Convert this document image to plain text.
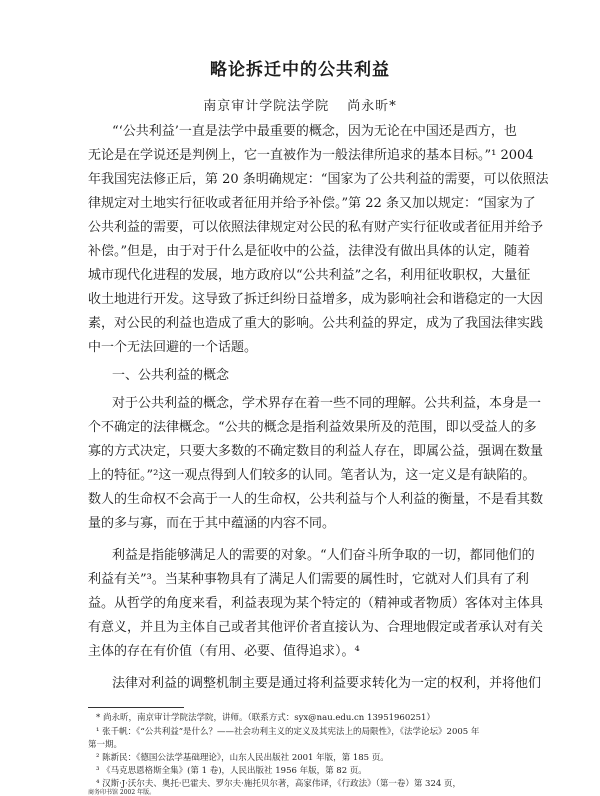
略论拆迁中的公共利益
南京审计学院法学院 尚永昕*
“‘公共利益’一直是法学中最重要的概念，因为无论在中国还是西方，也
无论是在学说还是判例上，它一直被作为一般法律所追求的基本目标。”¹ 2004
年我国宪法修正后，第 20 条明确规定：“国家为了公共利益的需要，可以依照法
律规定对土地实行征收或者征用并给予补偿。”第 22 条又加以规定：“国家为了
公共利益的需要，可以依照法律规定对公民的私有财产实行征收或者征用并给予
补偿。”但是，由于对于什么是征收中的公益，法律没有做出具体的认定，随着
城市现代化进程的发展，地方政府以“公共利益”之名，利用征收职权，大量征
收土地进行开发。这导致了拆迁纠纷日益增多，成为影响社会和谐稳定的一大因
素，对公民的利益也造成了重大的影响。公共利益的界定，成为了我国法律实践
中一个无法回避的一个话题。
一、公共利益的概念
对于公共利益的概念，学术界存在着一些不同的理解。公共利益，本身是一
个不确定的法律概念。“公共的概念是指利益效果所及的范围，即以受益人的多
寡的方式决定，只要大多数的不确定数目的利益人存在，即属公益，强调在数量
上的特征。”²这一观点得到人们较多的认同。笔者认为，这一定义是有缺陷的。
数人的生命权不会高于一人的生命权，公共利益与个人利益的衡量，不是看其数
量的多与寡，而在于其中蕴涵的内容不同。
利益是指能够满足人的需要的对象。“人们奋斗所争取的一切，都同他们的
利益有关”³。当某种事物具有了满足人们需要的属性时，它就对人们具有了利
益。从哲学的角度来看，利益表现为某个特定的（精神或者物质）客体对主体具
有意义，并且为主体自己或者其他评价者直接认为、合理地假定或者承认对有关
主体的存在有价值（有用、必要、值得追求）。⁴
法律对利益的调整机制主要是通过将利益要求转化为一定的权利，并将他们
* 尚永昕，南京审计学院法学院，讲师。（联系方式：syx@nau.edu.cn 13951960251）
¹ 张千帆：《“公共利益”是什么？——社会功利主义的定义及其宪法上的局限性》，《法学论坛》2005 年
第一期。
² 陈新民：《德国公法学基础理论》，山东人民出版社 2001 年版，第 185 页。
³ 《马克思恩格斯全集》(第 1 卷)，人民出版社 1956 年版，第 82 页。
⁴ 汉斯·J·沃尔夫、奥托·巴霍夫、罗尔夫·施托贝尔著，高家伟译，《行政法》（第一卷）第 324 页，
商务印书馆 2002 年版。
